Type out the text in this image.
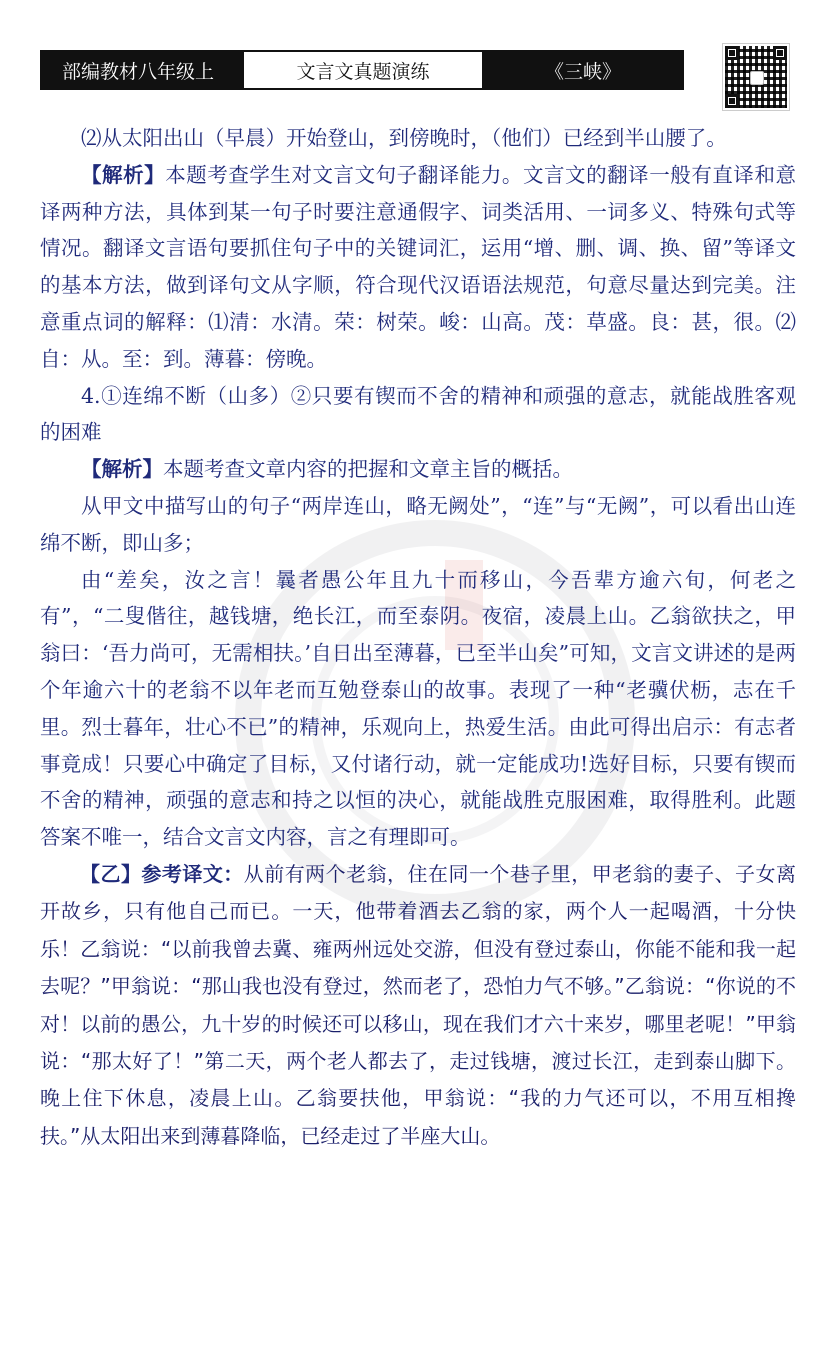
部编教材八年级上	文言文真题演练	《三峡》

⑵从太阳出山（早晨）开始登山，到傍晚时，（他们）已经到半山腰了。

【解析】本题考查学生对文言文句子翻译能力。文言文的翻译一般有直译和意译两种方法，具体到某一句子时要注意通假字、词类活用、一词多义、特殊句式等情况。翻译文言语句要抓住句子中的关键词汇，运用“增、删、调、换、留”等译文的基本方法，做到译句文从字顺，符合现代汉语语法规范，句意尽量达到完美。注意重点词的解释：⑴清：水清。荣：树荣。峻：山高。茂：草盛。良：甚，很。⑵自：从。至：到。薄暮：傍晚。

4.①连绵不断（山多）②只要有锲而不舍的精神和顽强的意志，就能战胜客观的困难

【解析】本题考查文章内容的把握和文章主旨的概括。

从甲文中描写山的句子“两岸连山，略无阙处”，“连”与“无阙”，可以看出山连绵不断，即山多；

由“差矣，汝之言！曩者愚公年且九十而移山，今吾辈方逾六旬，何老之有”，“二叟偕往，越钱塘，绝长江，而至泰阴。夜宿，凌晨上山。乙翁欲扶之，甲翁曰：‘吾力尚可，无需相扶。’自日出至薄暮，已至半山矣”可知，文言文讲述的是两个年逾六十的老翁不以年老而互勉登泰山的故事。表现了一种“老骥伏枥，志在千里。烈士暮年，壮心不已”的精神，乐观向上，热爱生活。由此可得出启示：有志者事竟成！只要心中确定了目标，又付诸行动，就一定能成功!选好目标，只要有锲而不舍的精神，顽强的意志和持之以恒的决心，就能战胜克服困难，取得胜利。此题答案不唯一，结合文言文内容，言之有理即可。

【乙】参考译文：从前有两个老翁，住在同一个巷子里，甲老翁的妻子、子女离开故乡，只有他自己而已。一天，他带着酒去乙翁的家，两个人一起喝酒，十分快乐！乙翁说：“以前我曾去冀、雍两州远处交游，但没有登过泰山，你能不能和我一起去呢？”甲翁说：“那山我也没有登过，然而老了，恐怕力气不够。”乙翁说：“你说的不对！以前的愚公，九十岁的时候还可以移山，现在我们才六十来岁，哪里老呢！”甲翁说：“那太好了！”第二天，两个老人都去了，走过钱塘，渡过长江，走到泰山脚下。晚上住下休息，凌晨上山。乙翁要扶他，甲翁说：“我的力气还可以，不用互相搀扶。”从太阳出来到薄暮降临，已经走过了半座大山。
